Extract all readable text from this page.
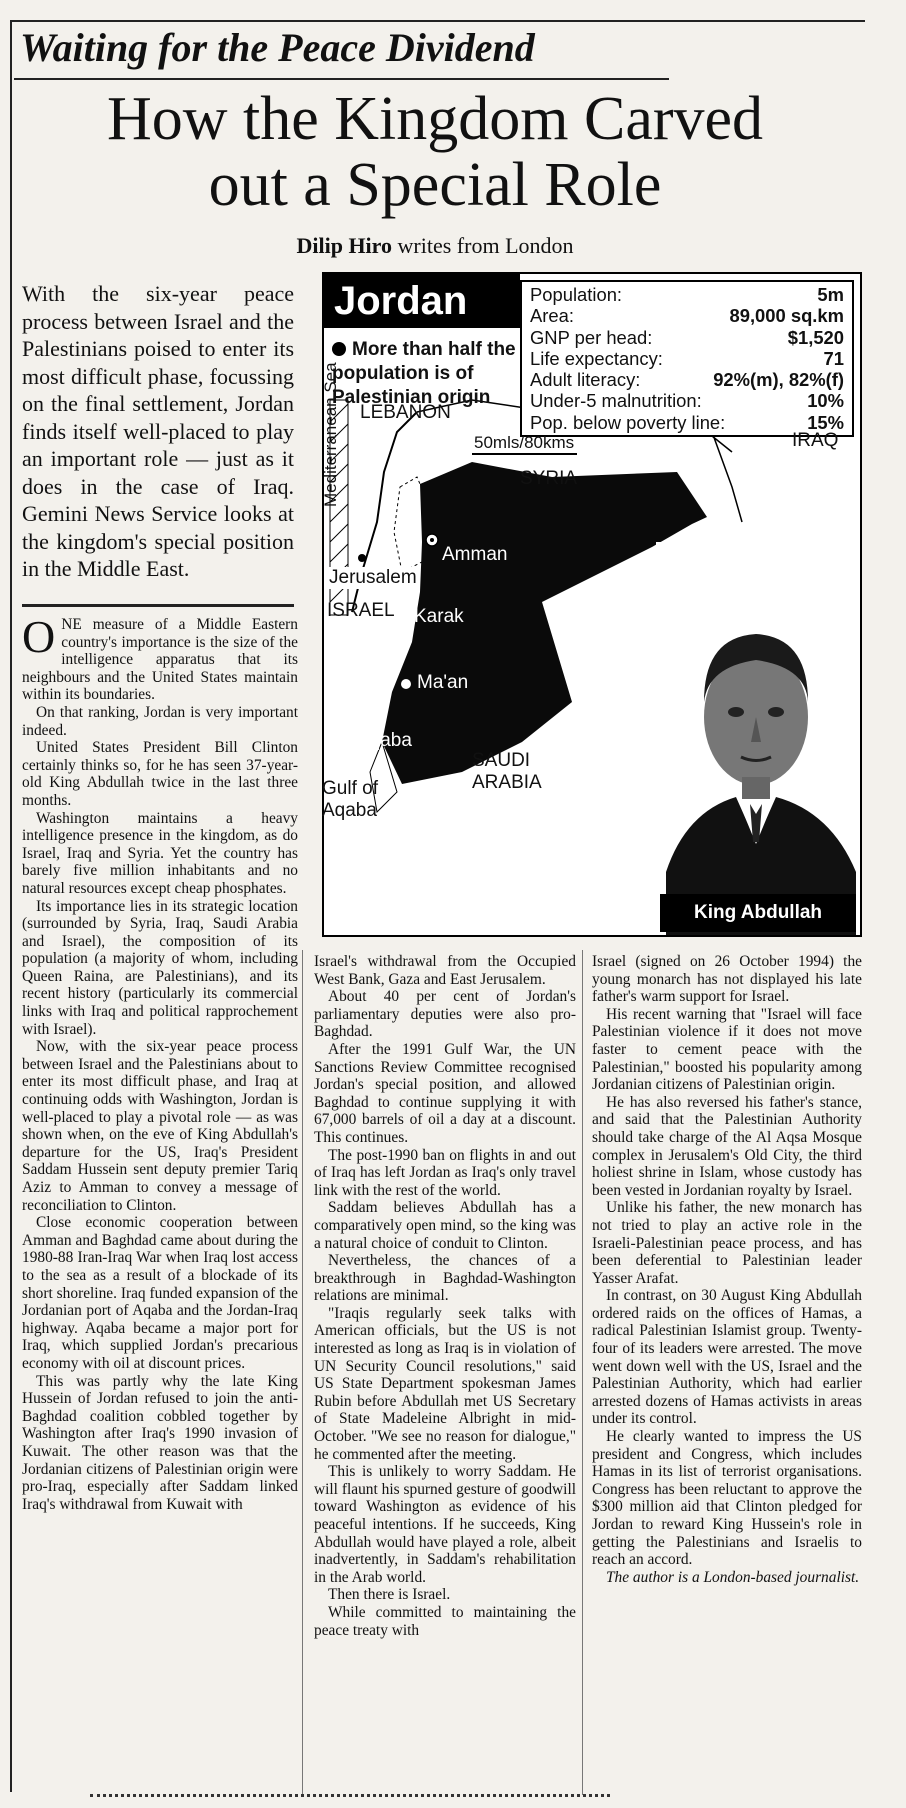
Waiting for the Peace Dividend
How the Kingdom Carved
out a Special Role
Dilip Hiro writes from London
With the six-year peace process between Israel and the Palestinians poised to enter its most difficult phase, focussing on the final settlement, Jordan finds itself well-placed to play an important role — just as it does in the case of Iraq. Gemini News Service looks at the kingdom's special position in the Middle East.
Jordan
More than half the population is of Palestinian origin
Population:	5m
Area:	89,000 sq.km
GNP per head:	$1,520
Life expectancy:	71
Adult literacy:	92%(m), 82%(f)
Under-5 malnutrition:	10%
Pop. below poverty line:	15%
LEBANON
Mediterranean Sea	IRAQ
SYRIA
50mls/80kms
Amman
Jerusalem
ISRAEL Karak
Ma'an
Aqaba
SAUDI ARABIA
Gulf of Aqaba
King Abdullah

ONE measure of a Middle Eastern country's importance is the size of the intelligence apparatus that its neighbours and the United States maintain within its boundaries.

On that ranking, Jordan is very important indeed.

United States President Bill Clinton certainly thinks so, for he has seen 37-year-old King Abdullah twice in the last three months.

Washington maintains a heavy intelligence presence in the kingdom, as do Israel, Iraq and Syria. Yet the country has barely five million inhabitants and no natural resources except cheap phosphates.

Its importance lies in its strategic location (surrounded by Syria, Iraq, Saudi Arabia and Israel), the composition of its population (a majority of whom, including Queen Raina, are Palestinians), and its recent history (particularly its commercial links with Iraq and political rapprochement with Israel).

Now, with the six-year peace process between Israel and the Palestinians about to enter its most difficult phase, and Iraq at continuing odds with Washington, Jordan is well-placed to play a pivotal role — as was shown when, on the eve of King Abdullah's departure for the US, Iraq's President Saddam Hussein sent deputy premier Tariq Aziz to Amman to convey a message of reconciliation to Clinton.

Close economic cooperation between Amman and Baghdad came about during the 1980-88 Iran-Iraq War when Iraq lost access to the sea as a result of a blockade of its short shoreline. Iraq funded expansion of the Jordanian port of Aqaba and the Jordan-Iraq highway. Aqaba became a major port for Iraq, which supplied Jordan's precarious economy with oil at discount prices.

This was partly why the late King Hussein of Jordan refused to join the anti-Baghdad coalition cobbled together by Washington after Iraq's 1990 invasion of Kuwait. The other reason was that the Jordanian citizens of Palestinian origin were pro-Iraq, especially after Saddam linked Iraq's withdrawal from Kuwait with

Israel's withdrawal from the Occupied West Bank, Gaza and East Jerusalem.

About 40 per cent of Jordan's parliamentary deputies were also pro-Baghdad.

After the 1991 Gulf War, the UN Sanctions Review Committee recognised Jordan's special position, and allowed Baghdad to continue supplying it with 67,000 barrels of oil a day at a discount. This continues.

The post-1990 ban on flights in and out of Iraq has left Jordan as Iraq's only travel link with the rest of the world.

Saddam believes Abdullah has a comparatively open mind, so the king was a natural choice of conduit to Clinton.

Nevertheless, the chances of a breakthrough in Baghdad-Washington relations are minimal.

"Iraqis regularly seek talks with American officials, but the US is not interested as long as Iraq is in violation of UN Security Council resolutions," said US State Department spokesman James Rubin before Abdullah met US Secretary of State Madeleine Albright in mid-October. "We see no reason for dialogue," he commented after the meeting.

This is unlikely to worry Saddam. He will flaunt his spurned gesture of goodwill toward Washington as evidence of his peaceful intentions. If he succeeds, King Abdullah would have played a role, albeit inadvertently, in Saddam's rehabilitation in the Arab world.

Then there is Israel.

While committed to maintaining the peace treaty with

Israel (signed on 26 October 1994) the young monarch has not displayed his late father's warm support for Israel.

His recent warning that "Israel will face Palestinian violence if it does not move faster to cement peace with the Palestinian," boosted his popularity among Jordanian citizens of Palestinian origin.

He has also reversed his father's stance, and said that the Palestinian Authority should take charge of the Al Aqsa Mosque complex in Jerusalem's Old City, the third holiest shrine in Islam, whose custody has been vested in Jordanian royalty by Israel.

Unlike his father, the new monarch has not tried to play an active role in the Israeli-Palestinian peace process, and has been deferential to Palestinian leader Yasser Arafat.

In contrast, on 30 August King Abdullah ordered raids on the offices of Hamas, a radical Palestinian Islamist group. Twenty-four of its leaders were arrested. The move went down well with the US, Israel and the Palestinian Authority, which had earlier arrested dozens of Hamas activists in areas under its control.

He clearly wanted to impress the US president and Congress, which includes Hamas in its list of terrorist organisations. Congress has been reluctant to approve the $300 million aid that Clinton pledged for Jordan to reward King Hussein's role in getting the Palestinians and Israelis to reach an accord.

The author is a London-based journalist.
